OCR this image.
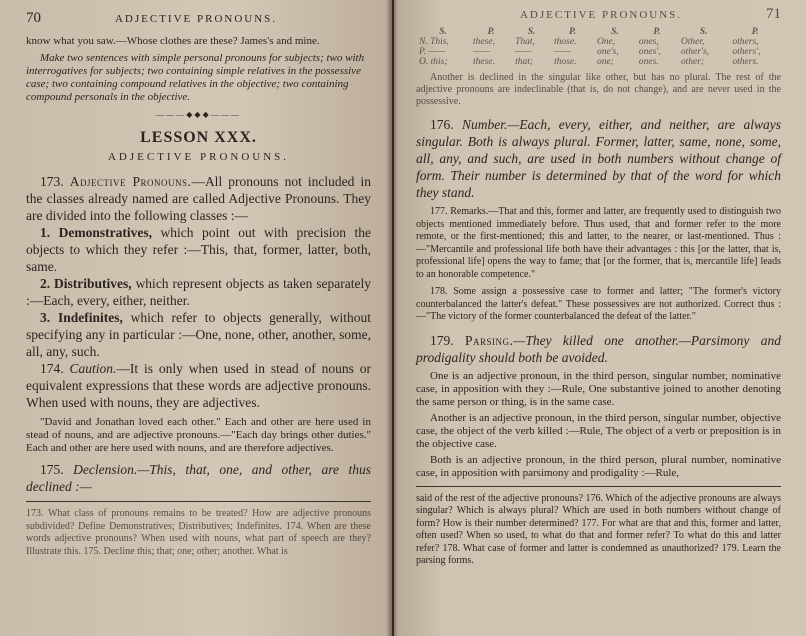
70	ADJECTIVE PRONOUNS.

know what you saw.—Whose clothes are these? James's and mine.

Make two sentences with simple personal pronouns for subjects; two with interrogatives for subjects; two containing simple relatives in the possessive case; two containing compound relatives in the objective; two containing compound personals in the objective.

———◆◆◆———
LESSON XXX.
ADJECTIVE PRONOUNS.

173. Adjective Pronouns.—All pronouns not included in the classes already named are called Adjective Pronouns. They are divided into the following classes :—

1. Demonstratives, which point out with precision the objects to which they refer :—This, that, former, latter, both, same.

2. Distributives, which represent objects as taken separately :—Each, every, either, neither.

3. Indefinites, which refer to objects generally, without specifying any in particular :—One, none, other, another, some, all, any, such.

174. Caution.—It is only when used in stead of nouns or equivalent expressions that these words are adjective pronouns. When used with nouns, they are adjectives.

"David and Jonathan loved each other." Each and other are here used in stead of nouns, and are adjective pronouns.—"Each day brings other duties." Each and other are here used with nouns, and are therefore adjectives.

175. Declension.—This, that, one, and other, are thus declined :—

173. What class of pronouns remains to be treated? How are adjective pronouns subdivided? Define Demonstratives; Distributives; Indefinites. 174. When are these words adjective pronouns? When used with nouns, what part of speech are they? Illustrate this. 175. Decline this; that; one; other; another. What is

ADJECTIVE PRONOUNS.	71
S.	P.	S.	P.	S.	P.	S.	P.
N. This,	these,	That,	those.	One,	ones,	Other,	others,
P. ——	——	——	——	one's,	ones',	other's,	others',
O. this;	these.	that;	those.	one;	ones.	other;	others.

Another is declined in the singular like other, but has no plural. The rest of the adjective pronouns are indeclinable (that is, do not change), and are never used in the possessive.

176. Number.—Each, every, either, and neither, are always singular. Both is always plural. Former, latter, same, none, some, all, any, and such, are used in both numbers without change of form. Their number is determined by that of the word for which they stand.

177. Remarks.—That and this, former and latter, are frequently used to distinguish two objects mentioned immediately before. Thus used, that and former refer to the more remote, or the first-mentioned; this and latter, to the nearer, or last-mentioned. Thus :—"Mercantile and professional life both have their advantages : this [or the latter, that is, professional life] opens the way to fame; that [or the former, that is, mercantile life] leads to an honorable competence."

178. Some assign a possessive case to former and latter; "The former's victory counterbalanced the latter's defeat." These possessives are not authorized. Correct thus :—"The victory of the former counterbalanced the defeat of the latter."

179. Parsing.—They killed one another.—Parsimony and prodigality should both be avoided.

One is an adjective pronoun, in the third person, singular number, nominative case, in apposition with they :—Rule, One substantive joined to another denoting the same person or thing, is in the same case.

Another is an adjective pronoun, in the third person, singular number, objective case, the object of the verb killed :—Rule, The object of a verb or preposition is in the objective case.

Both is an adjective pronoun, in the third person, plural number, nominative case, in apposition with parsimony and prodigality :—Rule,

said of the rest of the adjective pronouns? 176. Which of the adjective pronouns are always singular? Which is always plural? Which are used in both numbers without change of form? How is their number determined? 177. For what are that and this, former and latter, often used? When so used, to what do that and former refer? To what do this and latter refer? 178. What case of former and latter is condemned as unauthorized? 179. Learn the parsing forms.
